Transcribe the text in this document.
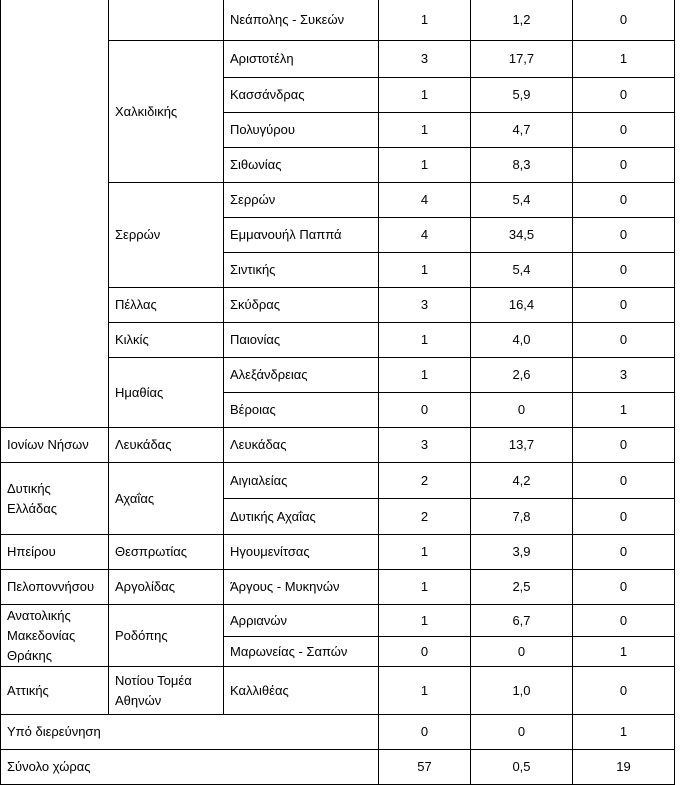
		Νεάπολης - Συκεών	1	1,2	0
	Χαλκιδικής	Αριστοτέλη	3	17,7	1
		Κασσάνδρας	1	5,9	0
		Πολυγύρου	1	4,7	0
		Σιθωνίας	1	8,3	0
	Σερρών	Σερρών	4	5,4	0
		Εμμανουήλ Παππά	4	34,5	0
		Σιντικής	1	5,4	0
	Πέλλας	Σκύδρας	3	16,4	0
	Κιλκίς	Παιονίας	1	4,0	0
	Ημαθίας	Αλεξάνδρειας	1	2,6	3
		Βέροιας	0	0	1
Ιονίων Νήσων	Λευκάδας	Λευκάδας	3	13,7	0
Δυτικής Ελλάδας	Αχαΐας	Αιγιαλείας	2	4,2	0
		Δυτικής Αχαΐας	2	7,8	0
Ηπείρου	Θεσπρωτίας	Ηγουμενίτσας	1	3,9	0
Πελοποννήσου	Αργολίδας	Άργους - Μυκηνών	1	2,5	0
Ανατολικής Μακεδονίας Θράκης	Ροδόπης	Αρριανών	1	6,7	0
		Μαρωνείας - Σαπών	0	0	1
Αττικής	Νοτίου Τομέα Αθηνών	Καλλιθέας	1	1,0	0
Υπό διερεύνηση			0	0	1
Σύνολο χώρας			57	0,5	19
